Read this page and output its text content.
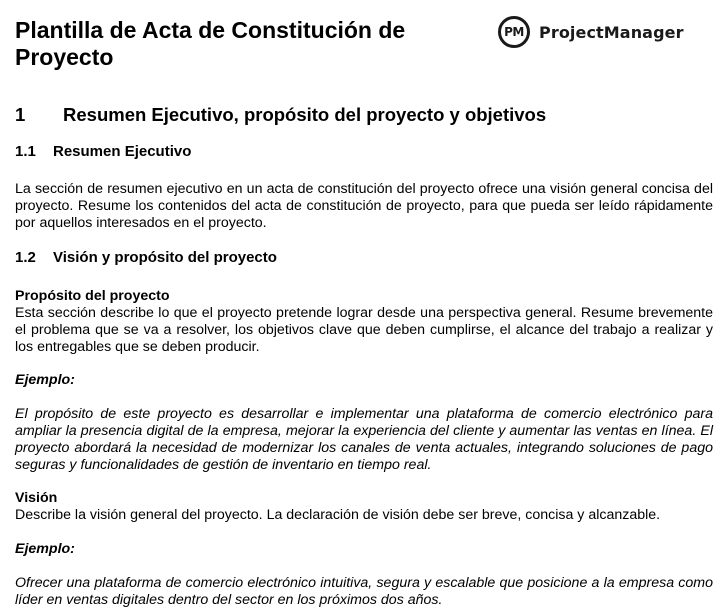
Plantilla de Acta de Constitución de Proyecto
PM ProjectManager
1 Resumen Ejecutivo, propósito del proyecto y objetivos
1.1 Resumen Ejecutivo

La sección de resumen ejecutivo en un acta de constitución del proyecto ofrece una visión general concisa del proyecto. Resume los contenidos del acta de constitución de proyecto, para que pueda ser leído rápidamente por aquellos interesados en el proyecto.

1.2 Visión y propósito del proyecto

Propósito del proyecto

Esta sección describe lo que el proyecto pretende lograr desde una perspectiva general. Resume brevemente el problema que se va a resolver, los objetivos clave que deben cumplirse, el alcance del trabajo a realizar y los entregables que se deben producir.

Ejemplo:

El propósito de este proyecto es desarrollar e implementar una plataforma de comercio electrónico para ampliar la presencia digital de la empresa, mejorar la experiencia del cliente y aumentar las ventas en línea. El proyecto abordará la necesidad de modernizar los canales de venta actuales, integrando soluciones de pago seguras y funcionalidades de gestión de inventario en tiempo real.

Visión

Describe la visión general del proyecto. La declaración de visión debe ser breve, concisa y alcanzable.

Ejemplo:

Ofrecer una plataforma de comercio electrónico intuitiva, segura y escalable que posicione a la empresa como líder en ventas digitales dentro del sector en los próximos dos años.
